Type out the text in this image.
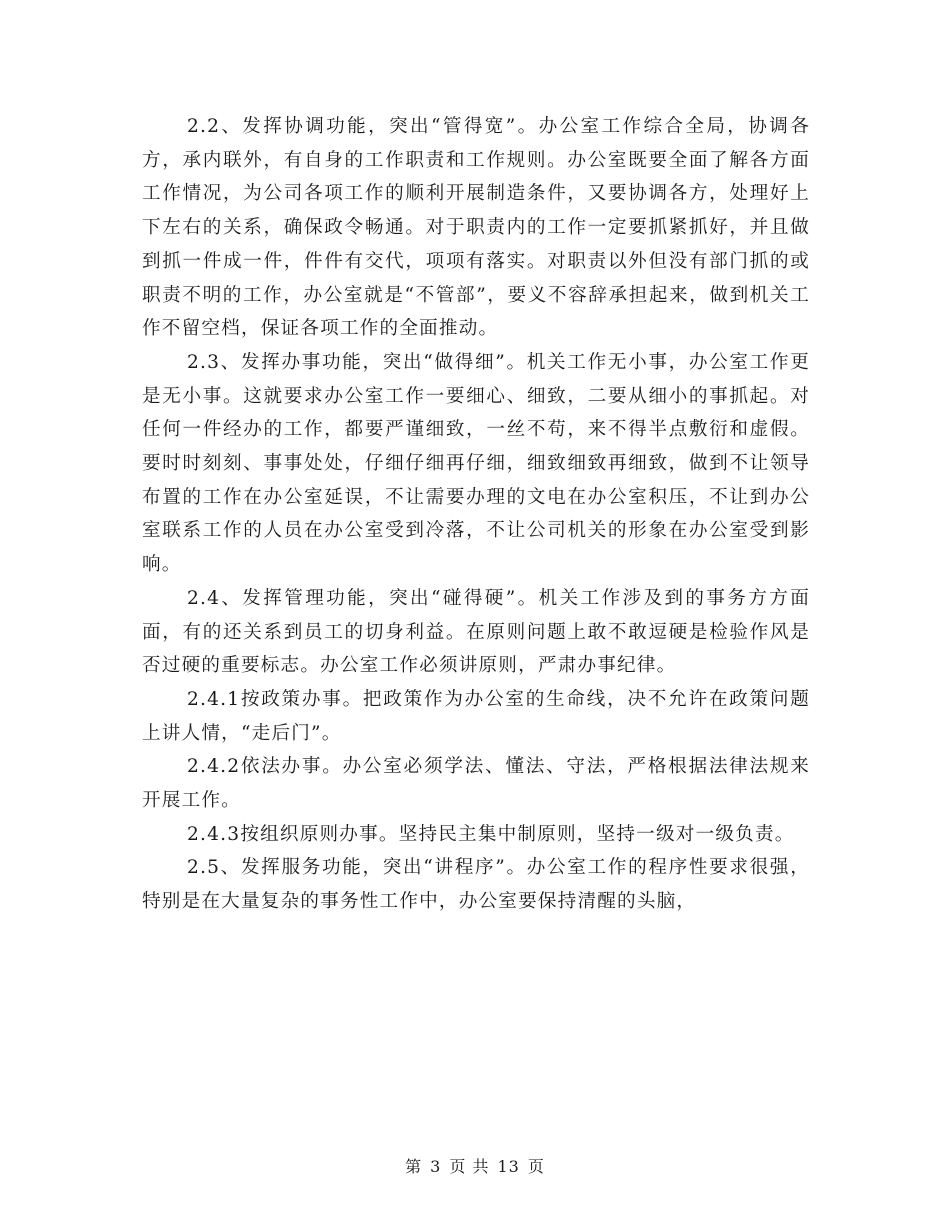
2.2、发挥协调功能，突出“管得宽”。办公室工作综合全局，协调各方，承内联外，有自身的工作职责和工作规则。办公室既要全面了解各方面工作情况，为公司各项工作的顺利开展制造条件，又要协调各方，处理好上下左右的关系，确保政令畅通。对于职责内的工作一定要抓紧抓好，并且做到抓一件成一件，件件有交代，项项有落实。对职责以外但没有部门抓的或职责不明的工作，办公室就是“不管部”，要义不容辞承担起来，做到机关工作不留空档，保证各项工作的全面推动。

2.3、发挥办事功能，突出“做得细”。机关工作无小事，办公室工作更是无小事。这就要求办公室工作一要细心、细致，二要从细小的事抓起。对任何一件经办的工作，都要严谨细致，一丝不苟，来不得半点敷衍和虚假。要时时刻刻、事事处处，仔细仔细再仔细，细致细致再细致，做到不让领导布置的工作在办公室延误，不让需要办理的文电在办公室积压，不让到办公室联系工作的人员在办公室受到冷落，不让公司机关的形象在办公室受到影响。

2.4、发挥管理功能，突出“碰得硬”。机关工作涉及到的事务方方面面，有的还关系到员工的切身利益。在原则问题上敢不敢逗硬是检验作风是否过硬的重要标志。办公室工作必须讲原则，严肃办事纪律。

2.4.1按政策办事。把政策作为办公室的生命线，决不允许在政策问题上讲人情，“走后门”。

2.4.2依法办事。办公室必须学法、懂法、守法，严格根据法律法规来开展工作。

2.4.3按组织原则办事。坚持民主集中制原则，坚持一级对一级负责。

2.5、发挥服务功能，突出“讲程序”。办公室工作的程序性要求很强，特别是在大量复杂的事务性工作中，办公室要保持清醒的头脑，

第 3 页 共 13 页
